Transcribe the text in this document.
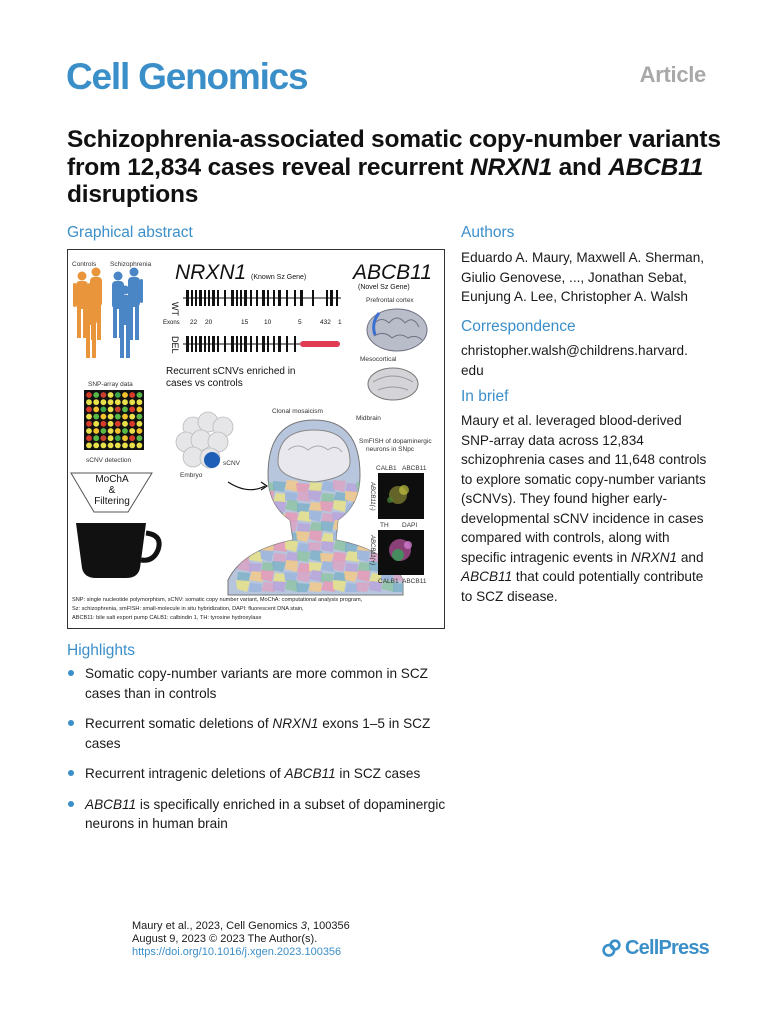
Cell Genomics	Article
Schizophrenia-associated somatic copy-number variants from 12,834 cases reveal recurrent NRXN1 and ABCB11 disruptions
Graphical abstract
Controls Schizophrenia NRXN1 (Known Sz Gene) ABCB11
(Novel Sz Gene)
WT
Exons 22 20	15 10	5	432 1
DEL
Recurrent sCNVs enriched in
cases vs controls
Prefrontal cortex
Mesocortical
Midbrain
SNP-array data
sCNV detection
MoChA
&
Filtering
Clonal mosaicism
sCNV
Embryo
SmFISH of dopaminergic
neurons in SNpc
CALB1 ABCB11
ABCB11(-)
TH DAPI
ABCB11(+)
CALB1 ABCB11
SNP: single nucleotide polymorphism, sCNV: somatic copy number variant, MoChA: computational analysis program,
Sz: schizophrenia, smFISH: small-molecule in situ hybridization, DAPI: fluorescent DNA stain,
ABCB11: bile salt export pump CALB1: calbindin 1, TH: tyrosine hydroxylase
Authors
Eduardo A. Maury, Maxwell A. Sherman,
Giulio Genovese, ..., Jonathan Sebat,
Eunjung A. Lee, Christopher A. Walsh
Correspondence
christopher.walsh@childrens.harvard.
edu
In brief
Maury et al. leveraged blood-derived
SNP-array data across 12,834
schizophrenia cases and 11,648 controls
to explore somatic copy-number variants
(sCNVs). They found higher early-
developmental sCNV incidence in cases
compared with controls, along with
specific intragenic events in NRXN1 and
ABCB11 that could potentially contribute
to SCZ disease.
Highlights
Somatic copy-number variants are more common in SCZ
cases than in controls
Recurrent somatic deletions of NRXN1 exons 1–5 in SCZ
cases
Recurrent intragenic deletions of ABCB11 in SCZ cases
ABCB11 is specifically enriched in a subset of dopaminergic
neurons in human brain
Maury et al., 2023, Cell Genomics 3, 100356
August 9, 2023 © 2023 The Author(s).
https://doi.org/10.1016/j.xgen.2023.100356	CellPress
